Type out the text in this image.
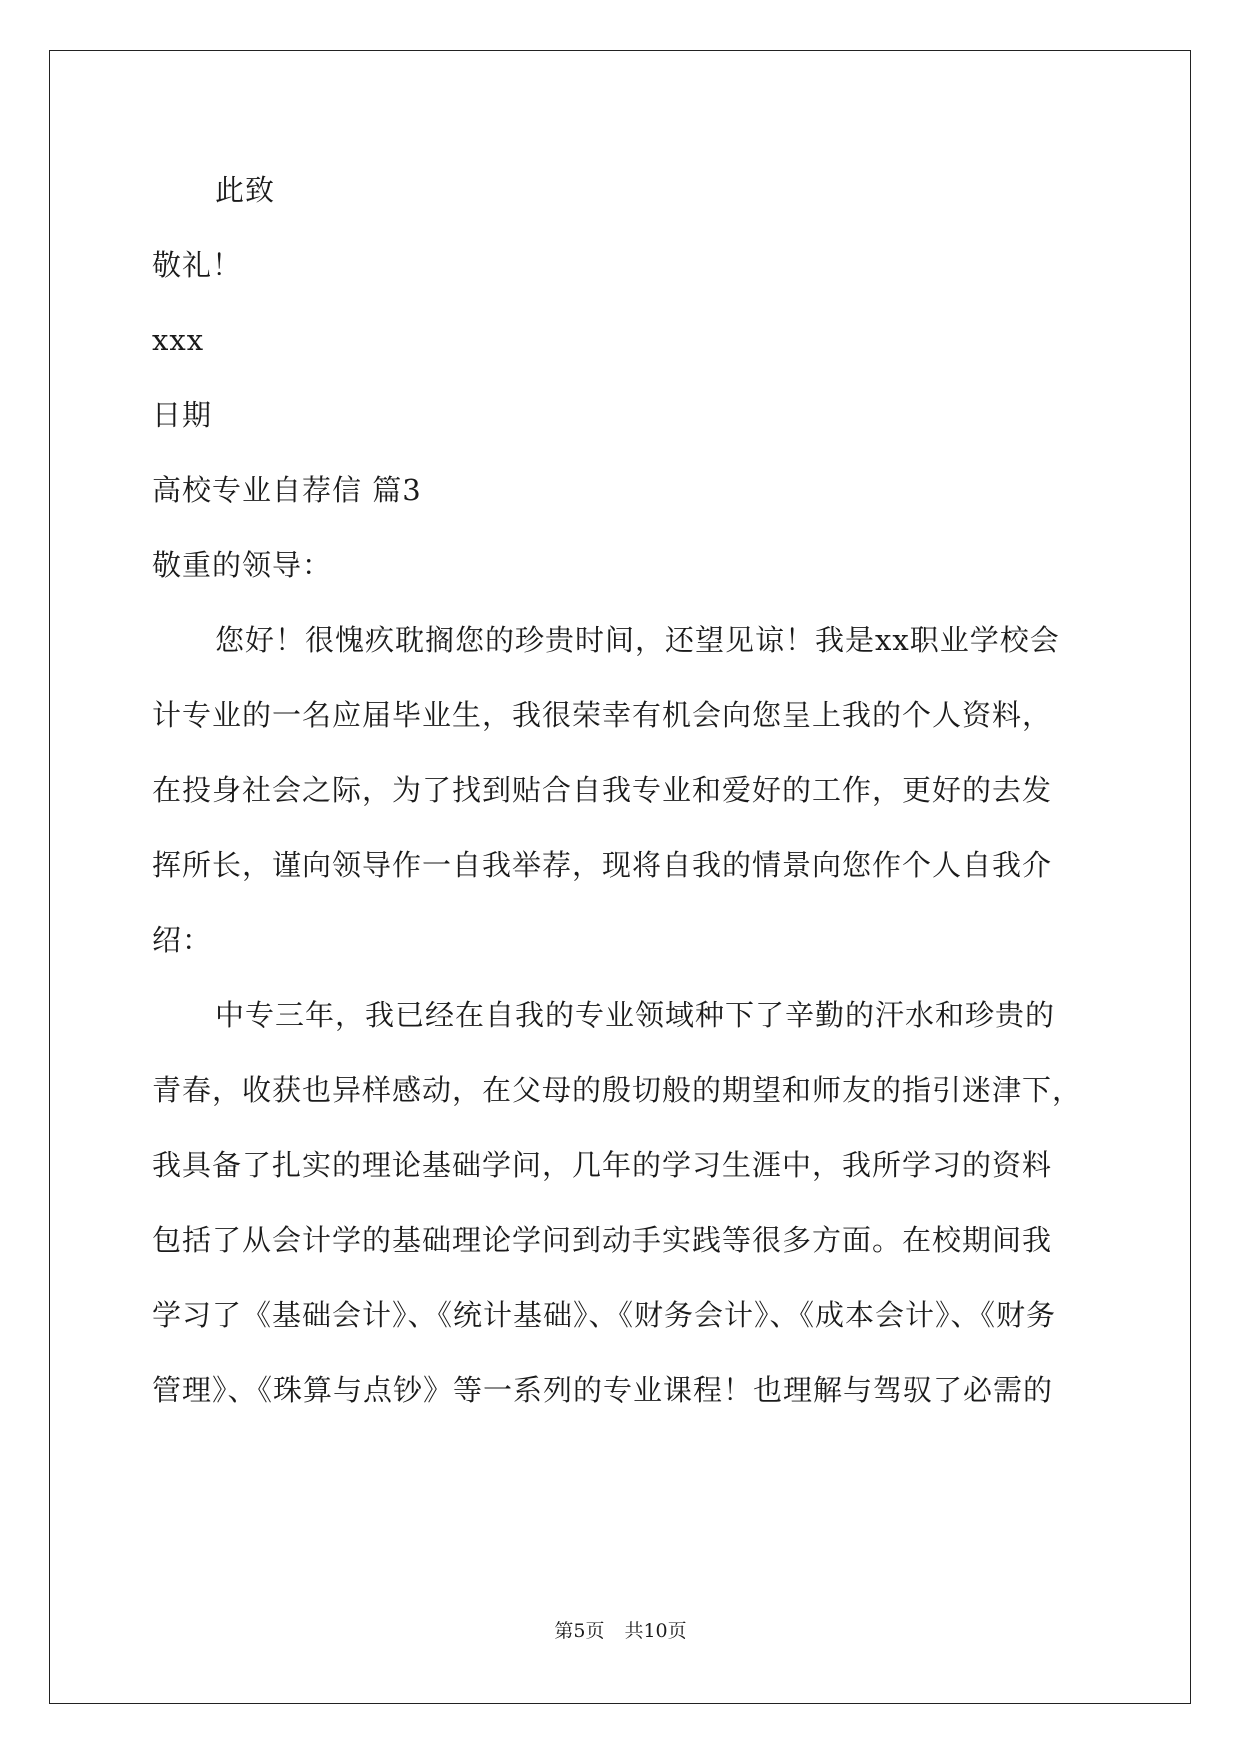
此致
敬礼！
xxx
日期
高校专业自荐信 篇3
敬重的领导：
您好！很愧疚耽搁您的珍贵时间，还望见谅！我是xx职业学校会
计专业的一名应届毕业生，我很荣幸有机会向您呈上我的个人资料，
在投身社会之际，为了找到贴合自我专业和爱好的工作，更好的去发
挥所长，谨向领导作一自我举荐，现将自我的情景向您作个人自我介
绍：
中专三年，我已经在自我的专业领域种下了辛勤的汗水和珍贵的
青春，收获也异样感动，在父母的殷切般的期望和师友的指引迷津下，
我具备了扎实的理论基础学问，几年的学习生涯中，我所学习的资料
包括了从会计学的基础理论学问到动手实践等很多方面。在校期间我
学习了《基础会计》、《统计基础》、《财务会计》、《成本会计》、《财务
管理》、《珠算与点钞》等一系列的专业课程！也理解与驾驭了必需的
第5页 共10页
